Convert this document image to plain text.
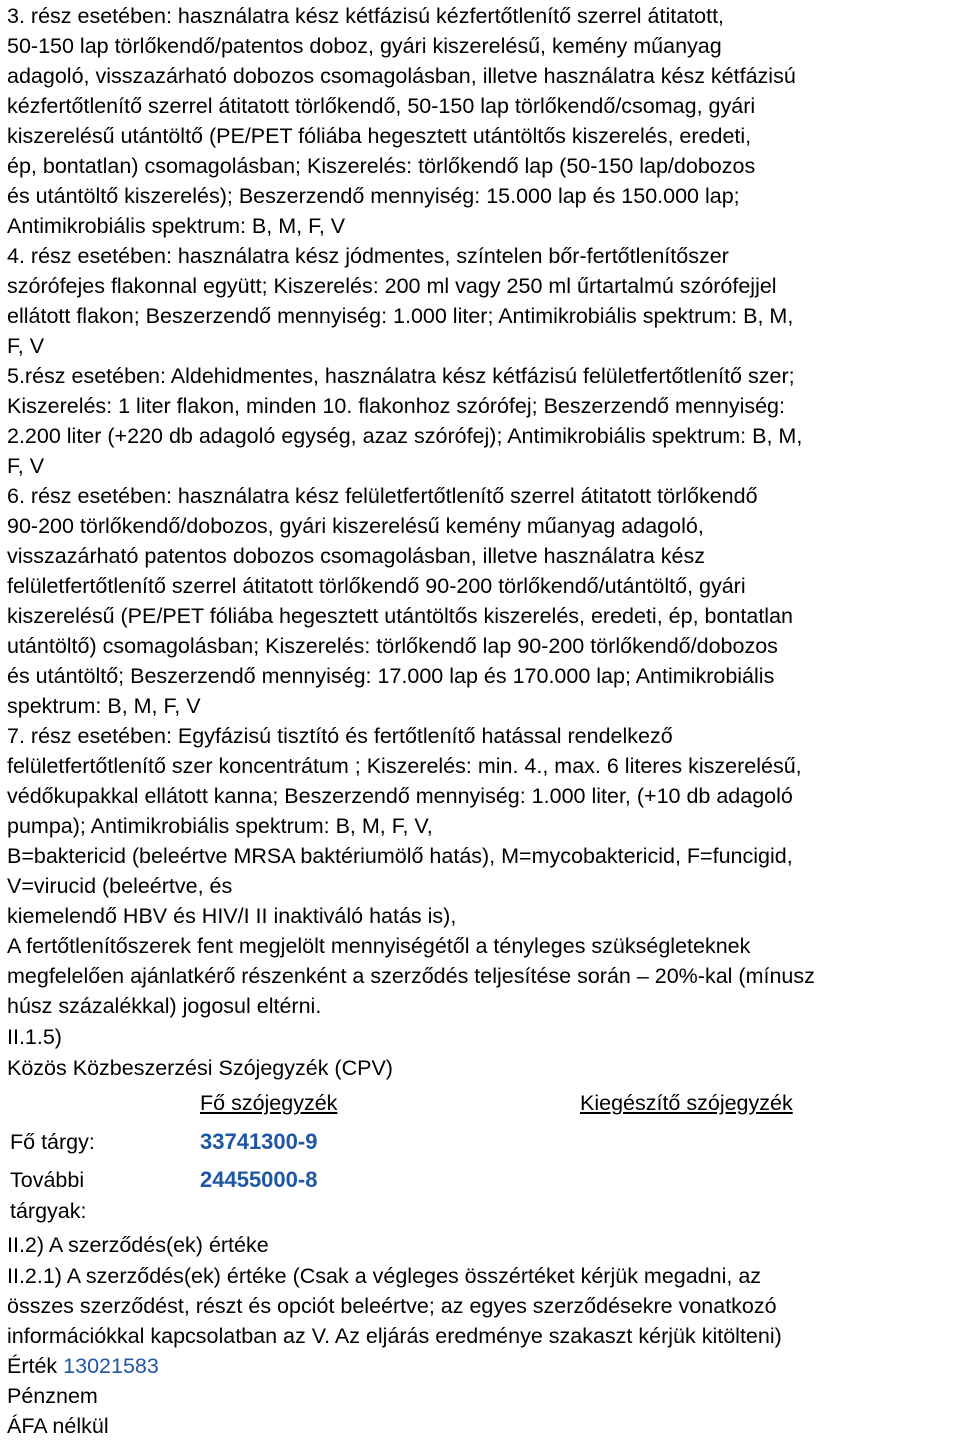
3. rész esetében: használatra kész kétfázisú kézfertőtlenítő szerrel átitatott,
50-150 lap törlőkendő/patentos doboz, gyári kiszerelésű, kemény műanyag
adagoló, visszazárható dobozos csomagolásban, illetve használatra kész kétfázisú
kézfertőtlenítő szerrel átitatott törlőkendő, 50-150 lap törlőkendő/csomag, gyári
kiszerelésű utántöltő (PE/PET fóliába hegesztett utántöltős kiszerelés, eredeti,
ép, bontatlan) csomagolásban; Kiszerelés: törlőkendő lap (50-150 lap/dobozos
és utántöltő kiszerelés); Beszerzendő mennyiség: 15.000 lap és 150.000 lap;
Antimikrobiális spektrum: B, M, F, V
4. rész esetében: használatra kész jódmentes, színtelen bőr-fertőtlenítőszer
szórófejes flakonnal együtt; Kiszerelés: 200 ml vagy 250 ml űrtartalmú szórófejjel
ellátott flakon; Beszerzendő mennyiség: 1.000 liter; Antimikrobiális spektrum: B, M,
F, V
5.rész esetében: Aldehidmentes, használatra kész kétfázisú felületfertőtlenítő szer;
Kiszerelés: 1 liter flakon, minden 10. flakonhoz szórófej; Beszerzendő mennyiség:
2.200 liter (+220 db adagoló egység, azaz szórófej); Antimikrobiális spektrum: B, M,
F, V
6. rész esetében: használatra kész felületfertőtlenítő szerrel átitatott törlőkendő
90-200 törlőkendő/dobozos, gyári kiszerelésű kemény műanyag adagoló,
visszazárható patentos dobozos csomagolásban, illetve használatra kész
felületfertőtlenítő szerrel átitatott törlőkendő 90-200 törlőkendő/utántöltő, gyári
kiszerelésű (PE/PET fóliába hegesztett utántöltős kiszerelés, eredeti, ép, bontatlan
utántöltő) csomagolásban; Kiszerelés: törlőkendő lap 90-200 törlőkendő/dobozos
és utántöltő; Beszerzendő mennyiség: 17.000 lap és 170.000 lap; Antimikrobiális
spektrum: B, M, F, V
7. rész esetében: Egyfázisú tisztító és fertőtlenítő hatással rendelkező
felületfertőtlenítő szer koncentrátum ; Kiszerelés: min. 4., max. 6 literes kiszerelésű,
védőkupakkal ellátott kanna; Beszerzendő mennyiség: 1.000 liter, (+10 db adagoló
pumpa); Antimikrobiális spektrum: B, M, F, V,
B=baktericid (beleértve MRSA baktériumölő hatás), M=mycobaktericid, F=funcigid,
V=virucid (beleértve, és
kiemelendő HBV és HIV/I II inaktiváló hatás is),
A fertőtlenítőszerek fent megjelölt mennyiségétől a tényleges szükségleteknek
megfelelően ajánlatkérő részenként a szerződés teljesítése során – 20%-kal (mínusz
húsz százalékkal) jogosul eltérni.
II.1.5)
Közös Közbeszerzési Szójegyzék (CPV)
Fő szójegyzék	Kiegészítő szójegyzék
Fő tárgy:	33741300-9
További
tárgyak:
24455000-8
II.2) A szerződés(ek) értéke
II.2.1) A szerződés(ek) értéke (Csak a végleges összértéket kérjük megadni, az
összes szerződést, részt és opciót beleértve; az egyes szerződésekre vonatkozó
információkkal kapcsolatban az V. Az eljárás eredménye szakaszt kérjük kitölteni)
Érték 13021583
Pénznem
ÁFA nélkül
